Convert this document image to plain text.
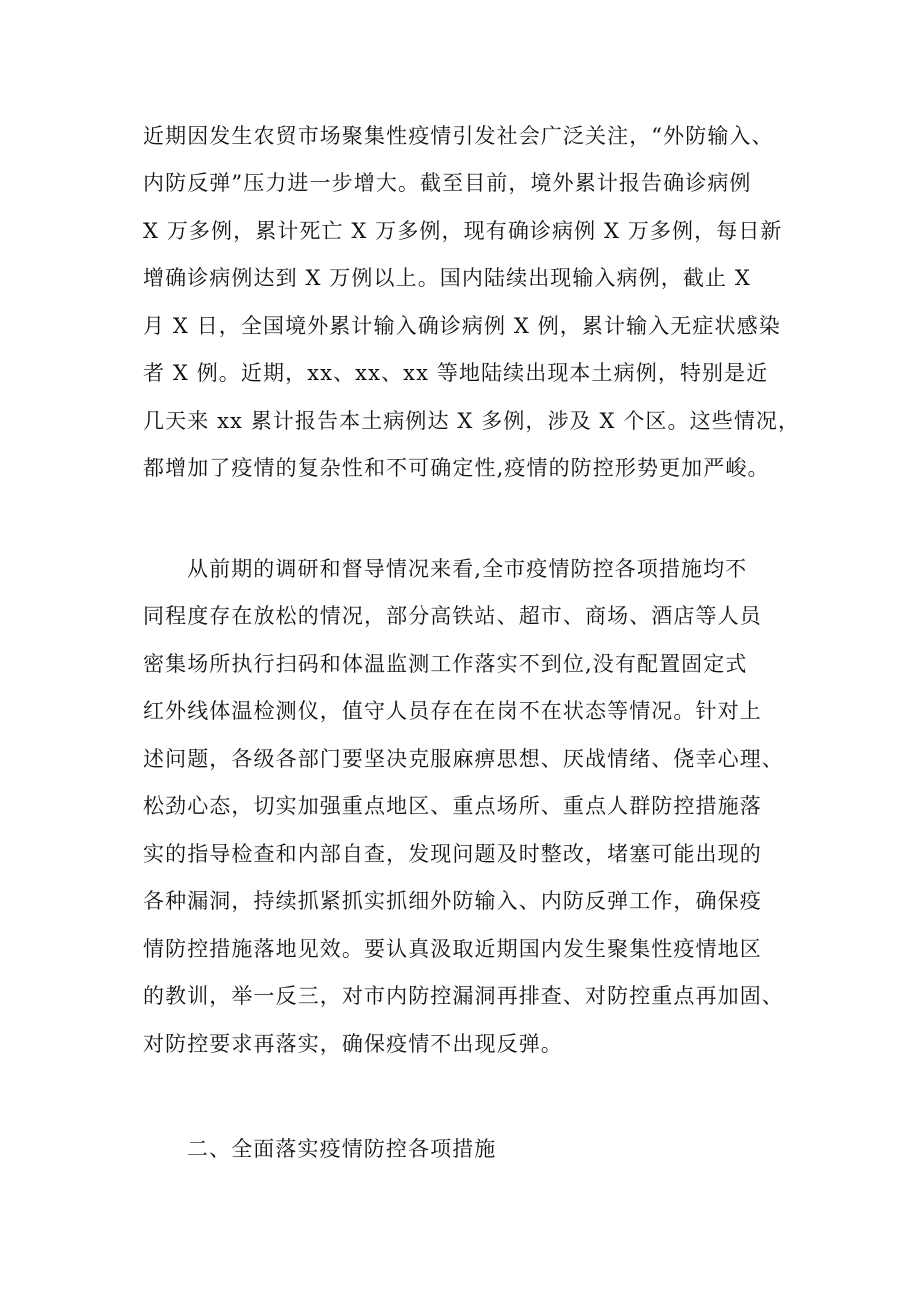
近期因发生农贸市场聚集性疫情引发社会广泛关注，“外防输入、
内防反弹”压力进一步增大。截至目前，境外累计报告确诊病例
X 万多例，累计死亡 X 万多例，现有确诊病例 X 万多例，每日新
增确诊病例达到 X 万例以上。国内陆续出现输入病例，截止 X
月 X 日，全国境外累计输入确诊病例 X 例，累计输入无症状感染
者 X 例。近期，xx、xx、xx 等地陆续出现本土病例，特别是近
几天来 xx 累计报告本土病例达 X 多例，涉及 X 个区。这些情况，
都增加了疫情的复杂性和不可确定性,疫情的防控形势更加严峻。
从前期的调研和督导情况来看,全市疫情防控各项措施均不
同程度存在放松的情况，部分高铁站、超市、商场、酒店等人员
密集场所执行扫码和体温监测工作落实不到位,没有配置固定式
红外线体温检测仪，值守人员存在在岗不在状态等情况。针对上
述问题，各级各部门要坚决克服麻痹思想、厌战情绪、侥幸心理、
松劲心态，切实加强重点地区、重点场所、重点人群防控措施落
实的指导检查和内部自查，发现问题及时整改，堵塞可能出现的
各种漏洞，持续抓紧抓实抓细外防输入、内防反弹工作，确保疫
情防控措施落地见效。要认真汲取近期国内发生聚集性疫情地区
的教训，举一反三，对市内防控漏洞再排查、对防控重点再加固、
对防控要求再落实，确保疫情不出现反弹。
二、全面落实疫情防控各项措施
